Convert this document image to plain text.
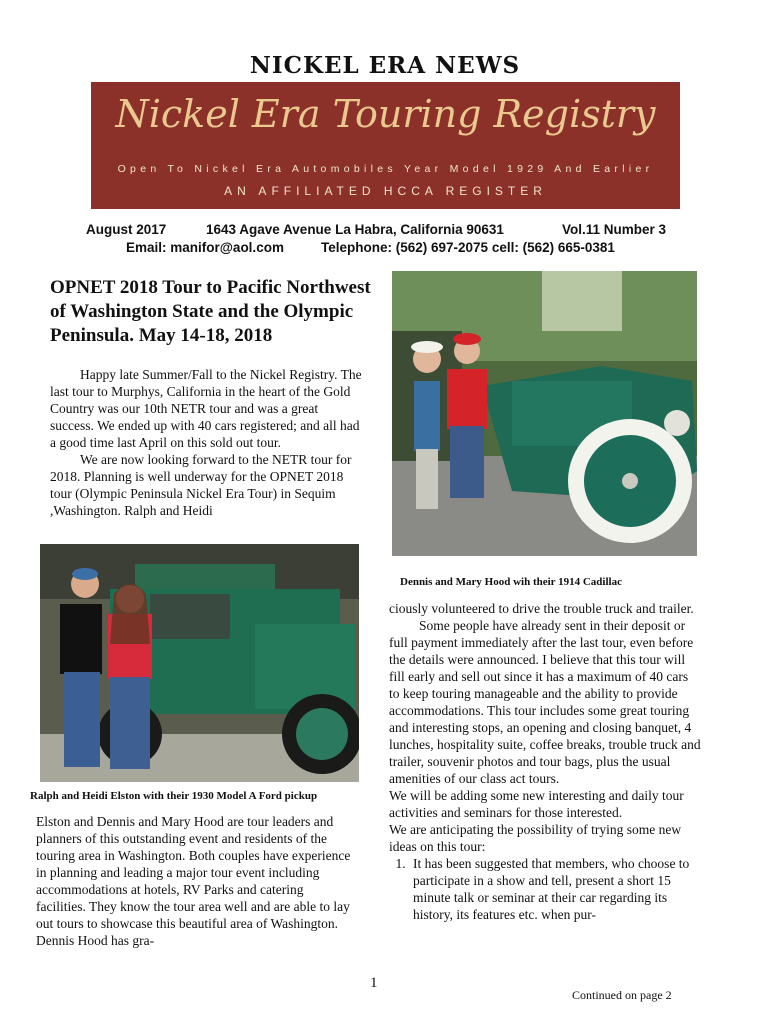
NICKEL ERA NEWS
Nickel Era Touring Registry
Open To Nickel Era Automobiles Year Model 1929 And Earlier
AN AFFILIATED HCCA REGISTER
August 2017	1643 Agave Avenue La Habra, California 90631	Vol.11 Number 3
Email: manifor@aol.com	Telephone: (562) 697-2075 cell: (562) 665-0381
OPNET 2018 Tour to Pacific Northwest of Washington State and the Olympic Peninsula. May 14-18, 2018

Happy late Summer/Fall to the Nickel Registry. The last tour to Murphys, California in the heart of the Gold Country was our 10th NETR tour and was a great success. We ended up with 40 cars registered; and all had a good time last April on this sold out tour.

We are now looking forward to the NETR tour for 2018. Planning is well underway for the OPNET 2018 tour (Olympic Peninsula Nickel Era Tour) in Sequim ,Washington. Ralph and Heidi

Dennis and Mary Hood wih their 1914 Cadillac
Ralph and Heidi Elston with their 1930 Model A Ford pickup

Elston and Dennis and Mary Hood are tour leaders and planners of this outstanding event and residents of the touring area in Washington. Both couples have experience in planning and leading a major tour event including accommodations at hotels, RV Parks and catering facilities. They know the tour area well and are able to lay out tours to showcase this beautiful area of Washington. Dennis Hood has gra-

ciously volunteered to drive the trouble truck and trailer.

Some people have already sent in their deposit or full payment immediately after the last tour, even before the details were announced. I believe that this tour will fill early and sell out since it has a maximum of 40 cars to keep touring manageable and the ability to provide accommodations. This tour includes some great touring and interesting stops, an opening and closing banquet, 4 lunches, hospitality suite, coffee breaks, trouble truck and trailer, souvenir photos and tour bags, plus the usual amenities of our class act tours.

We will be adding some new interesting and daily tour activities and seminars for those interested.

We are anticipating the possibility of trying some new ideas on this tour:

1. It has been suggested that members, who choose to participate in a show and tell, present a short 15 minute talk or seminar at their car regarding its history, its features etc. when pur-
1
Continued on page 2
